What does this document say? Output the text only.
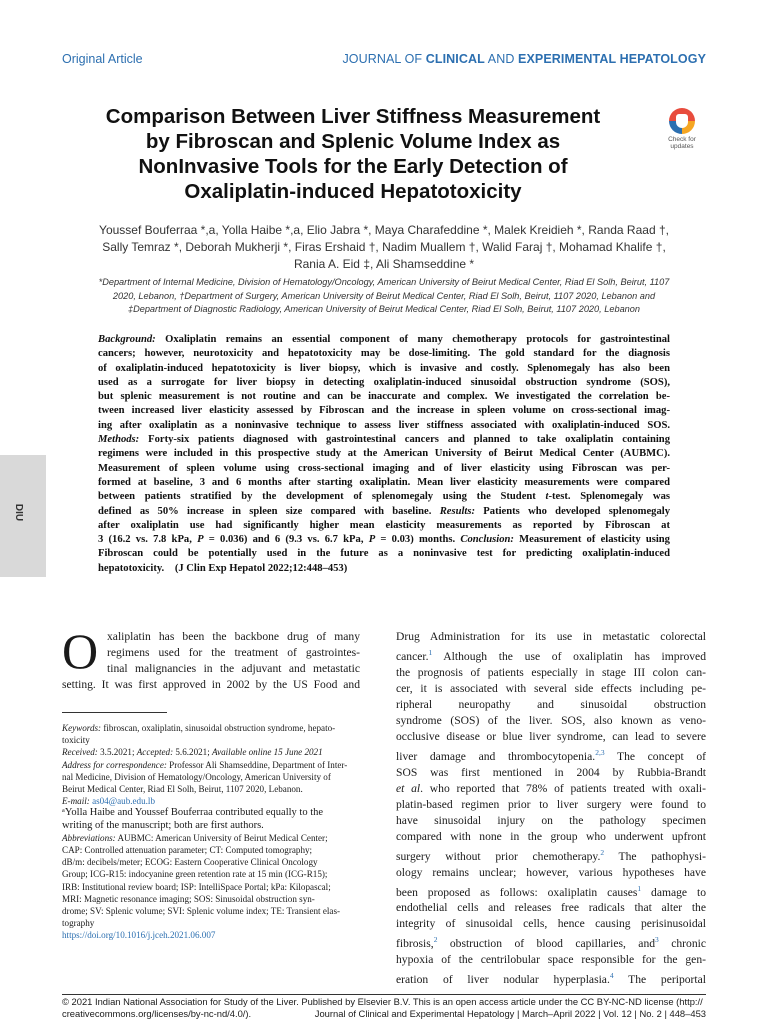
Original Article	JOURNAL OF CLINICAL AND EXPERIMENTAL HEPATOLOGY
Comparison Between Liver Stiffness Measurement
by Fibroscan and Splenic Volume Index as
NonInvasive Tools for the Early Detection of
Oxaliplatin-induced Hepatotoxicity
Check for
updates
Youssef Bouferraa *,a, Yolla Haibe *,a, Elio Jabra *, Maya Charafeddine *, Malek Kreidieh *, Randa Raad †,
Sally Temraz *, Deborah Mukherji *, Firas Ershaid †, Nadim Muallem †, Walid Faraj †, Mohamad Khalife †,
Rania A. Eid ‡, Ali Shamseddine *
*Department of Internal Medicine, Division of Hematology/Oncology, American University of Beirut Medical Center, Riad El Solh, Beirut, 1107
2020, Lebanon, †Department of Surgery, American University of Beirut Medical Center, Riad El Solh, Beirut, 1107 2020, Lebanon and
‡Department of Diagnostic Radiology, American University of Beirut Medical Center, Riad El Solh, Beirut, 1107 2020, Lebanon
Background: Oxaliplatin remains an essential component of many chemotherapy protocols for gastrointestinal
cancers; however, neurotoxicity and hepatotoxicity may be dose-limiting. The gold standard for the diagnosis
of oxaliplatin-induced hepatotoxicity is liver biopsy, which is invasive and costly. Splenomegaly has also been
used as a surrogate for liver biopsy in detecting oxaliplatin-induced sinusoidal obstruction syndrome (SOS),
but splenic measurement is not routine and can be inaccurate and complex. We investigated the correlation be-
tween increased liver elasticity assessed by Fibroscan and the increase in spleen volume on cross-sectional imag-
ing after oxaliplatin as a noninvasive technique to assess liver stiffness associated with oxaliplatin-induced SOS.
Methods: Forty-six patients diagnosed with gastrointestinal cancers and planned to take oxaliplatin containing
regimens were included in this prospective study at the American University of Beirut Medical Center (AUBMC).
Measurement of spleen volume using cross-sectional imaging and of liver elasticity using Fibroscan was per-
formed at baseline, 3 and 6 months after starting oxaliplatin. Mean liver elasticity measurements were compared
between patients stratified by the development of splenomegaly using the Student t-test. Splenomegaly was
defined as 50% increase in spleen size compared with baseline. Results: Patients who developed splenomegaly
after oxaliplatin use had significantly higher mean elasticity measurements as reported by Fibroscan at
3 (16.2 vs. 7.8 kPa, P = 0.036) and 6 (9.3 vs. 6.7 kPa, P = 0.03) months. Conclusion: Measurement of elasticity using
Fibroscan could be potentially used in the future as a noninvasive test for predicting oxaliplatin-induced
hepatotoxicity. (J Clin Exp Hepatol 2022;12:448–453)
DIU
O xaliplatin has been the backbone drug of many
regimens used for the treatment of gastrointes-
tinal malignancies in the adjuvant and metastatic
setting. It was first approved in 2002 by the US Food and
Keywords: fibroscan, oxaliplatin, sinusoidal obstruction syndrome, hepato-
toxicity
Received: 3.5.2021; Accepted: 5.6.2021; Available online 15 June 2021
Address for correspondence: Professor Ali Shamseddine, Department of Inter-
nal Medicine, Division of Hematology/Oncology, American University of
Beirut Medical Center, Riad El Solh, Beirut, 1107 2020, Lebanon.
E-mail: as04@aub.edu.lb
ᵃYolla Haibe and Youssef Bouferraa contributed equally to the
writing of the manuscript; both are first authors.
Abbreviations: AUBMC: American University of Beirut Medical Center;
CAP: Controlled attenuation parameter; CT: Computed tomography;
dB/m: decibels/meter; ECOG: Eastern Cooperative Clinical Oncology
Group; ICG-R15: indocyanine green retention rate at 15 min (ICG-R15);
IRB: Institutional review board; ISP: IntelliSpace Portal; kPa: Kilopascal;
MRI: Magnetic resonance imaging; SOS: Sinusoidal obstruction syn-
drome; SV: Splenic volume; SVI: Splenic volume index; TE: Transient elas-
tography
https://doi.org/10.1016/j.jceh.2021.06.007
Drug Administration for its use in metastatic colorectal
cancer.$^1$ Although the use of oxaliplatin has improved
the prognosis of patients especially in stage III colon can-
cer, it is associated with several side effects including pe-
ripheral neuropathy and sinusoidal obstruction
syndrome (SOS) of the liver. SOS, also known as veno-
occlusive disease or blue liver syndrome, can lead to severe
liver damage and thrombocytopenia.$^{2,3}$ The concept of
SOS was first mentioned in 2004 by Rubbia-Brandt
et al. who reported that 78% of patients treated with oxali-
platin-based regimen prior to liver surgery were found to
have sinusoidal injury on the pathology specimen
compared with none in the group who underwent upfront
surgery without prior chemotherapy.$^2$ The pathophysi-
ology remains unclear; however, various hypotheses have
been proposed as follows: oxaliplatin causes$^1$ damage to
endothelial cells and releases free radicals that alter the
integrity of sinusoidal cells, hence causing perisinusoidal
fibrosis,$^2$ obstruction of blood capillaries, and$^3$ chronic
hypoxia of the centrilobular space responsible for the gen-
eration of liver nodular hyperplasia.$^4$ The periportal
© 2021 Indian National Association for Study of the Liver. Published by Elsevier B.V. This is an open access article under the CC BY-NC-ND license (http://
creativecommons.org/licenses/by-nc-nd/4.0/).	Journal of Clinical and Experimental Hepatology | March–April 2022 | Vol. 12 | No. 2 | 448–453
